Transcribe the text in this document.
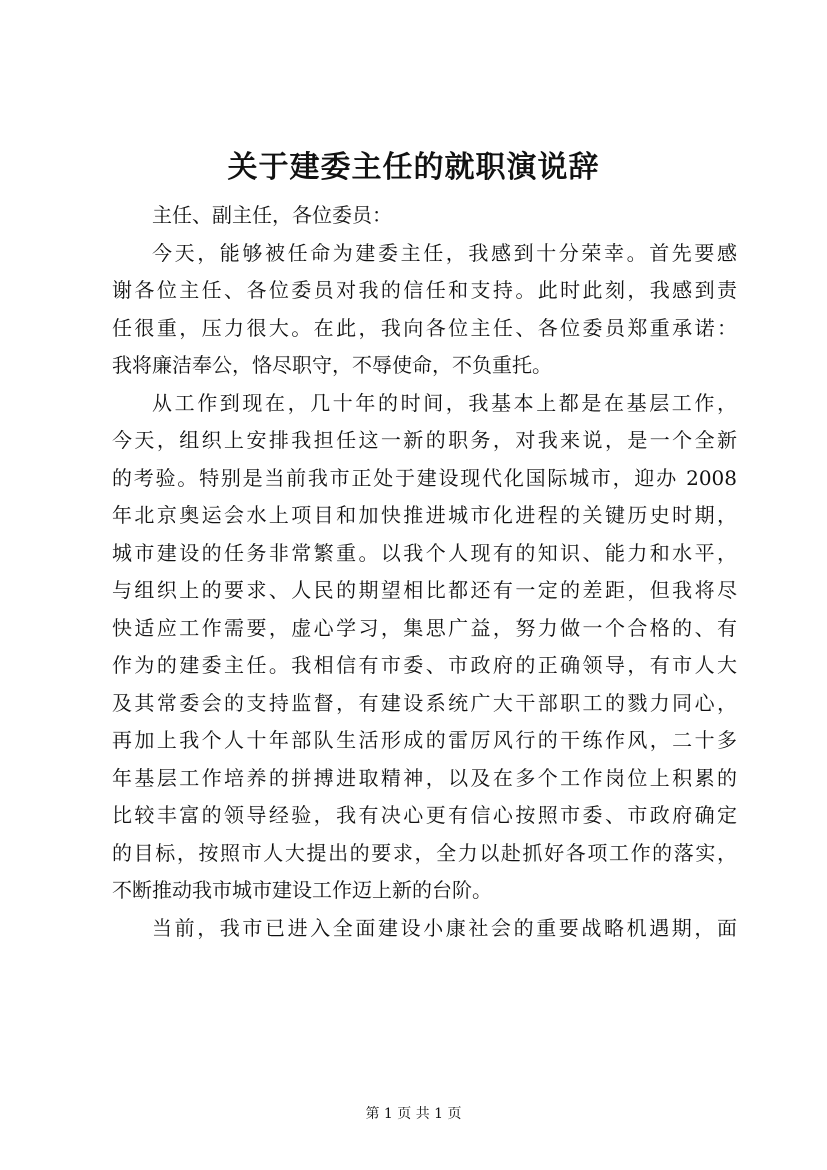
关于建委主任的就职演说辞
主任、副主任，各位委员：
今天，能够被任命为建委主任，我感到十分荣幸。首先要感
谢各位主任、各位委员对我的信任和支持。此时此刻，我感到责
任很重，压力很大。在此，我向各位主任、各位委员郑重承诺：
我将廉洁奉公，恪尽职守，不辱使命，不负重托。
从工作到现在，几十年的时间，我基本上都是在基层工作，
今天，组织上安排我担任这一新的职务，对我来说，是一个全新
的考验。特别是当前我市正处于建设现代化国际城市，迎办 2008
年北京奥运会水上项目和加快推进城市化进程的关键历史时期，
城市建设的任务非常繁重。以我个人现有的知识、能力和水平，
与组织上的要求、人民的期望相比都还有一定的差距，但我将尽
快适应工作需要，虚心学习，集思广益，努力做一个合格的、有
作为的建委主任。我相信有市委、市政府的正确领导，有市人大
及其常委会的支持监督，有建设系统广大干部职工的戮力同心，
再加上我个人十年部队生活形成的雷厉风行的干练作风，二十多
年基层工作培养的拼搏进取精神，以及在多个工作岗位上积累的
比较丰富的领导经验，我有决心更有信心按照市委、市政府确定
的目标，按照市人大提出的要求，全力以赴抓好各项工作的落实，
不断推动我市城市建设工作迈上新的台阶。
当前，我市已进入全面建设小康社会的重要战略机遇期，面
第 1 页 共 1 页
